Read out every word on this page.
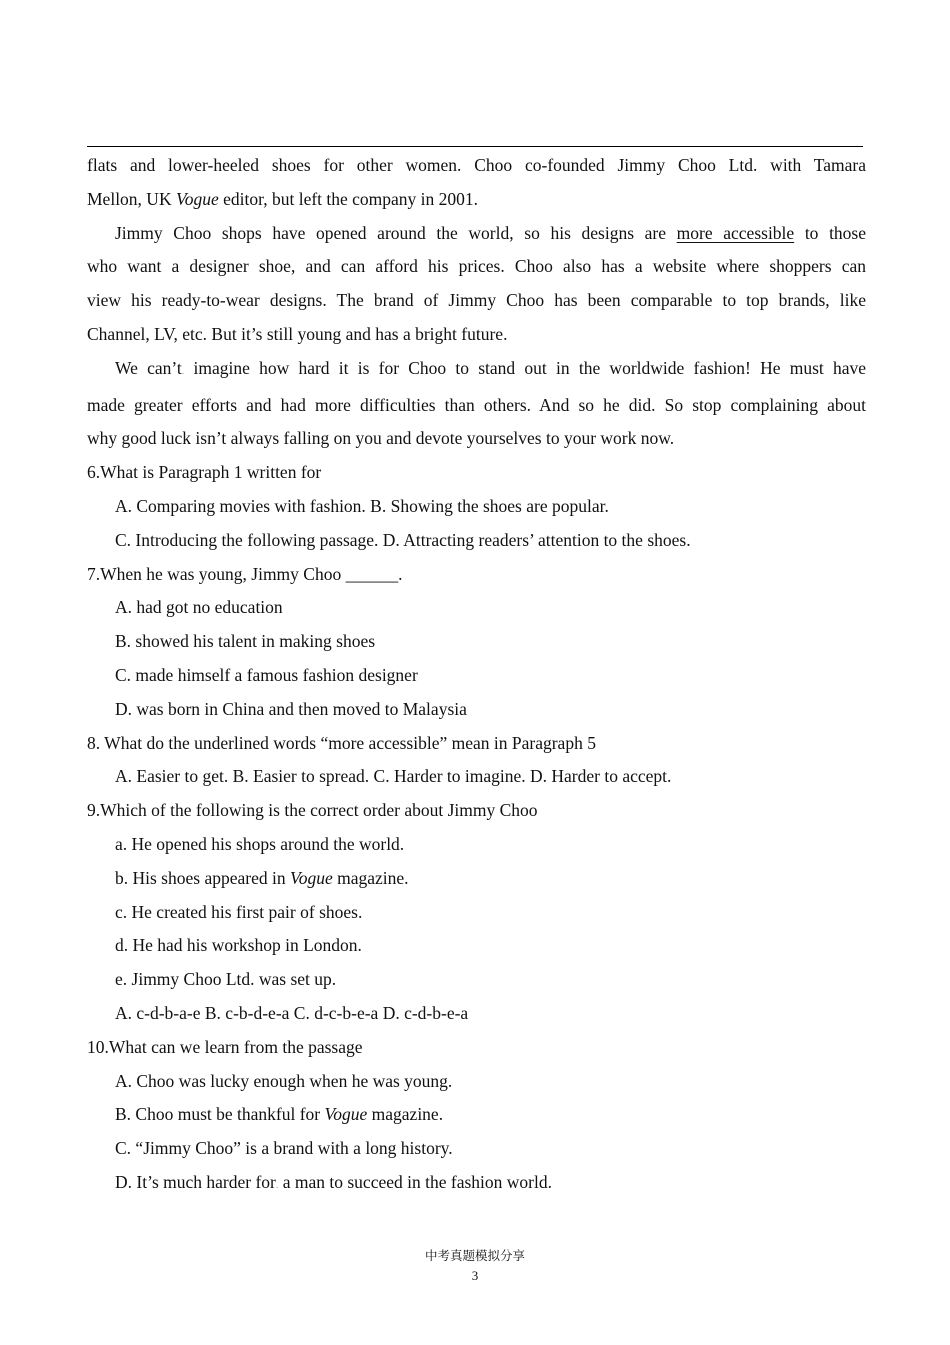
flats and lower-heeled shoes for other women. Choo co-founded Jimmy Choo Ltd. with Tamara
Mellon, UK Vogue editor, but left the company in 2001.
Jimmy Choo shops have opened around the world, so his designs are more accessible to those
who want a designer shoe, and can afford his prices. Choo also has a website where shoppers can
view his ready-to-wear designs. The brand of Jimmy Choo has been comparable to top brands, like
Channel, LV, etc. But it’s still young and has a bright future.
We can’t. imagine how hard it is for Choo to stand out in the worldwide fashion! He must have
made greater efforts and had more difficulties than others. And so he did. So stop complaining about
why good luck isn’t always falling on you and devote yourselves to your work now.
6.What is Paragraph 1 written for
A. Comparing movies with fashion. B. Showing the shoes are popular.
C. Introducing the following passage. D. Attracting readers’ attention to the shoes.
7.When he was young, Jimmy Choo ______.
A. had got no education
B. showed his talent in making shoes
C. made himself a famous fashion designer
D. was born in China and then moved to Malaysia
8. What do the underlined words “more accessible” mean in Paragraph 5
A. Easier to get. B. Easier to spread. C. Harder to imagine. D. Harder to accept.
9.Which of the following is the correct order about Jimmy Choo
a. He opened his shops around the world.
b. His shoes appeared in Vogue magazine.
c. He created his first pair of shoes.
d. He had his workshop in London.
e. Jimmy Choo Ltd. was set up.
A. c-d-b-a-e B. c-b-d-e-a C. d-c-b-e-a D. c-d-b-e-a
10.What can we learn from the passage
A. Choo was lucky enough when he was young.
B. Choo must be thankful for Vogue magazine.
C. “Jimmy Choo” is a brand with a long history.
D. It’s much harder for. a man to succeed in the fashion world.
中考真题模拟分享
3
